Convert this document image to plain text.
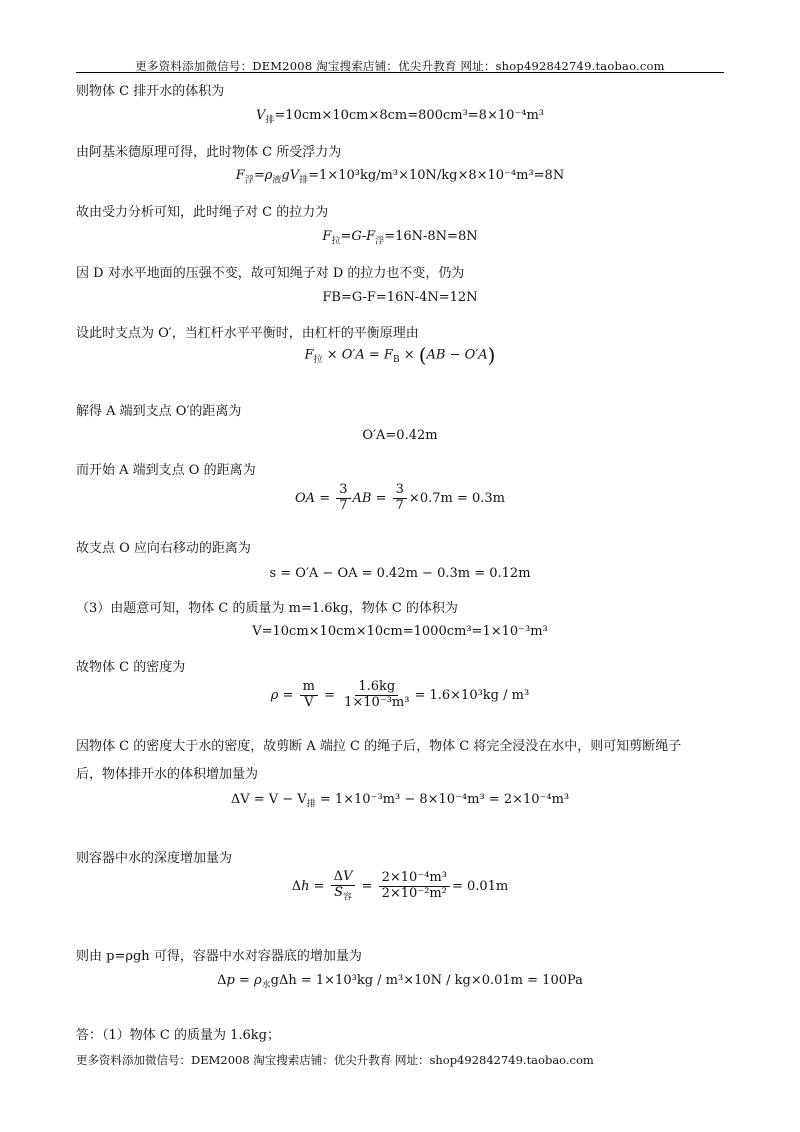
更多资料添加微信号：DEM2008 淘宝搜索店铺：优尖升教育 网址：shop492842749.taobao.com
则物体 C 排开水的体积为
$V_排=10cm\times 10cm\times 8cm=800cm^3=8\times 10^{-4}m^3$
由阿基米德原理可得，此时物体 C 所受浮力为
$F_浮=\rho_液gV_排=1\times 10^3kg/m^3\times 10N/kg\times 8\times 10^{-4}m^3=8N$
故由受力分析可知，此时绳子对 C 的拉力为
$F_拉=G-F_浮=16N-8N=8N$
因 D 对水平地面的压强不变，故可知绳子对 D 的拉力也不变，仍为
FB=G-F=16N-4N=12N
设此时支点为 O′，当杠杆水平平衡时，由杠杆的平衡原理由
$F_拉 \times O'A = F_B \times (AB - O'A)$
解得 A 端到支点 O′的距离为
O′A=0.42m
而开始 A 端到支点 O 的距离为
OA = $\frac{3}{7}$ AB = $\frac{3}{7} \times 0.7m = 0.3m$
故支点 O 应向右移动的距离为
s = O′A − OA = 0.42m − 0.3m = 0.12m
（3）由题意可知，物体 C 的质量为 m=1.6kg，物体 C 的体积为
V=10cm×10cm×10cm=1000cm³=1×10⁻³m³
故物体 C 的密度为
$\rho = \frac{m}{V} = \frac{1.6kg}{\text{1×10⁻³m³}} = 1.6\times 10^3kg / m^3$
因物体 C 的密度大于水的密度，故剪断 A 端拉 C 的绳子后，物体 C 将完全浸没在水中，则可知剪断绳子
后，物体排开水的体积增加量为
$\Delta V = V - V_排 = 1\times 10^{-3}m^3 - 8\times 10^{-4}m^3 = 2\times 10^{-4}m^3$
则容器中水的深度增加量为
$\Delta h = \frac{\Delta V}{S_容} = \frac{\text{2×10⁻⁴m³}}{\text{2×10⁻²m²}} = 0.01m$
则由 p=ρgh 可得，容器中水对容器底的增加量为
$\Delta p = \rho_水g\Delta h = 1\times 10^3kg / m^3\times 10N / kg\times 0.01m = 100Pa$
答：（1）物体 C 的质量为 1.6kg；
更多资料添加微信号：DEM2008 淘宝搜索店铺：优尖升教育 网址：shop492842749.taobao.com
